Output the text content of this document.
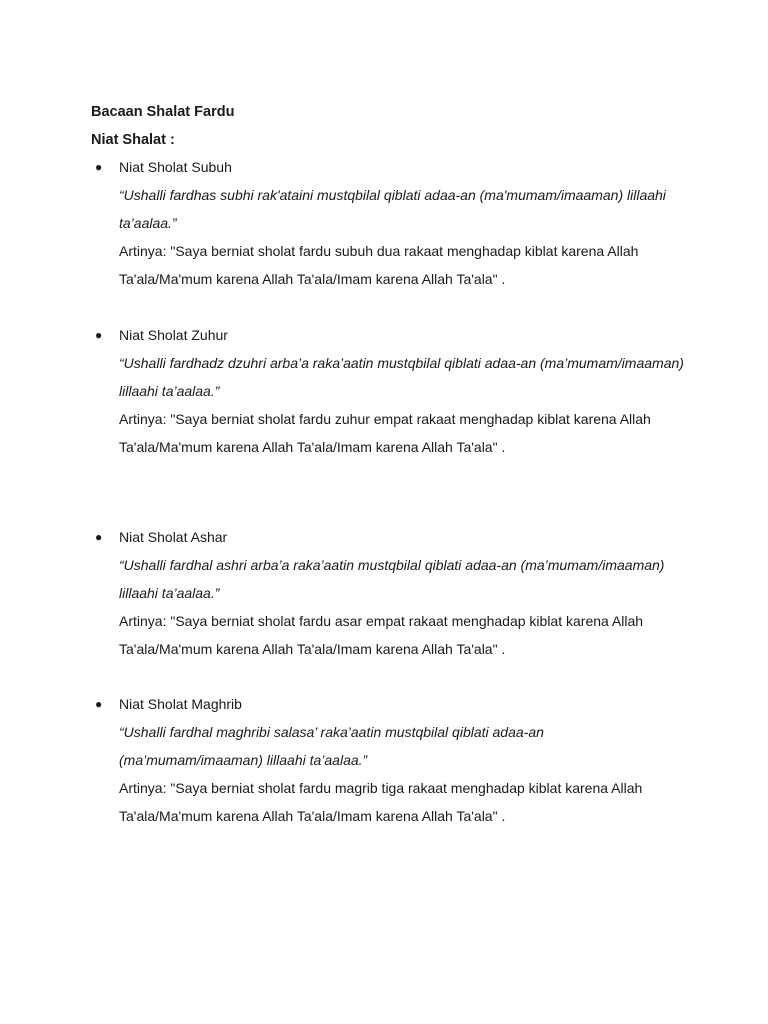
Bacaan Shalat Fardu

Niat Shalat :

● Niat Sholat Subuh

“Ushalli fardhas subhi rak'ataini mustqbilal qiblati adaa-an (ma'mumam/imaaman) lillaahi ta’aalaa.”

Artinya: "Saya berniat sholat fardu subuh dua rakaat menghadap kiblat karena Allah Ta'ala/Ma'mum karena Allah Ta'ala/Imam karena Allah Ta'ala" .

● Niat Sholat Zuhur

“Ushalli fardhadz dzuhri arba’a raka’aatin mustqbilal qiblati adaa-an (ma’mumam/imaaman) lillaahi ta’aalaa.”

Artinya: "Saya berniat sholat fardu zuhur empat rakaat menghadap kiblat karena Allah Ta'ala/Ma'mum karena Allah Ta'ala/Imam karena Allah Ta'ala" .

● Niat Sholat Ashar

“Ushalli fardhal ashri arba’a raka’aatin mustqbilal qiblati adaa-an (ma’mumam/imaaman) lillaahi ta’aalaa.”

Artinya: "Saya berniat sholat fardu asar empat rakaat menghadap kiblat karena Allah Ta'ala/Ma'mum karena Allah Ta'ala/Imam karena Allah Ta'ala" .

● Niat Sholat Maghrib

“Ushalli fardhal maghribi salasa’ raka’aatin mustqbilal qiblati adaa-an (ma’mumam/imaaman) lillaahi ta’aalaa.”

Artinya: "Saya berniat sholat fardu magrib tiga rakaat menghadap kiblat karena Allah Ta'ala/Ma'mum karena Allah Ta'ala/Imam karena Allah Ta'ala" .
